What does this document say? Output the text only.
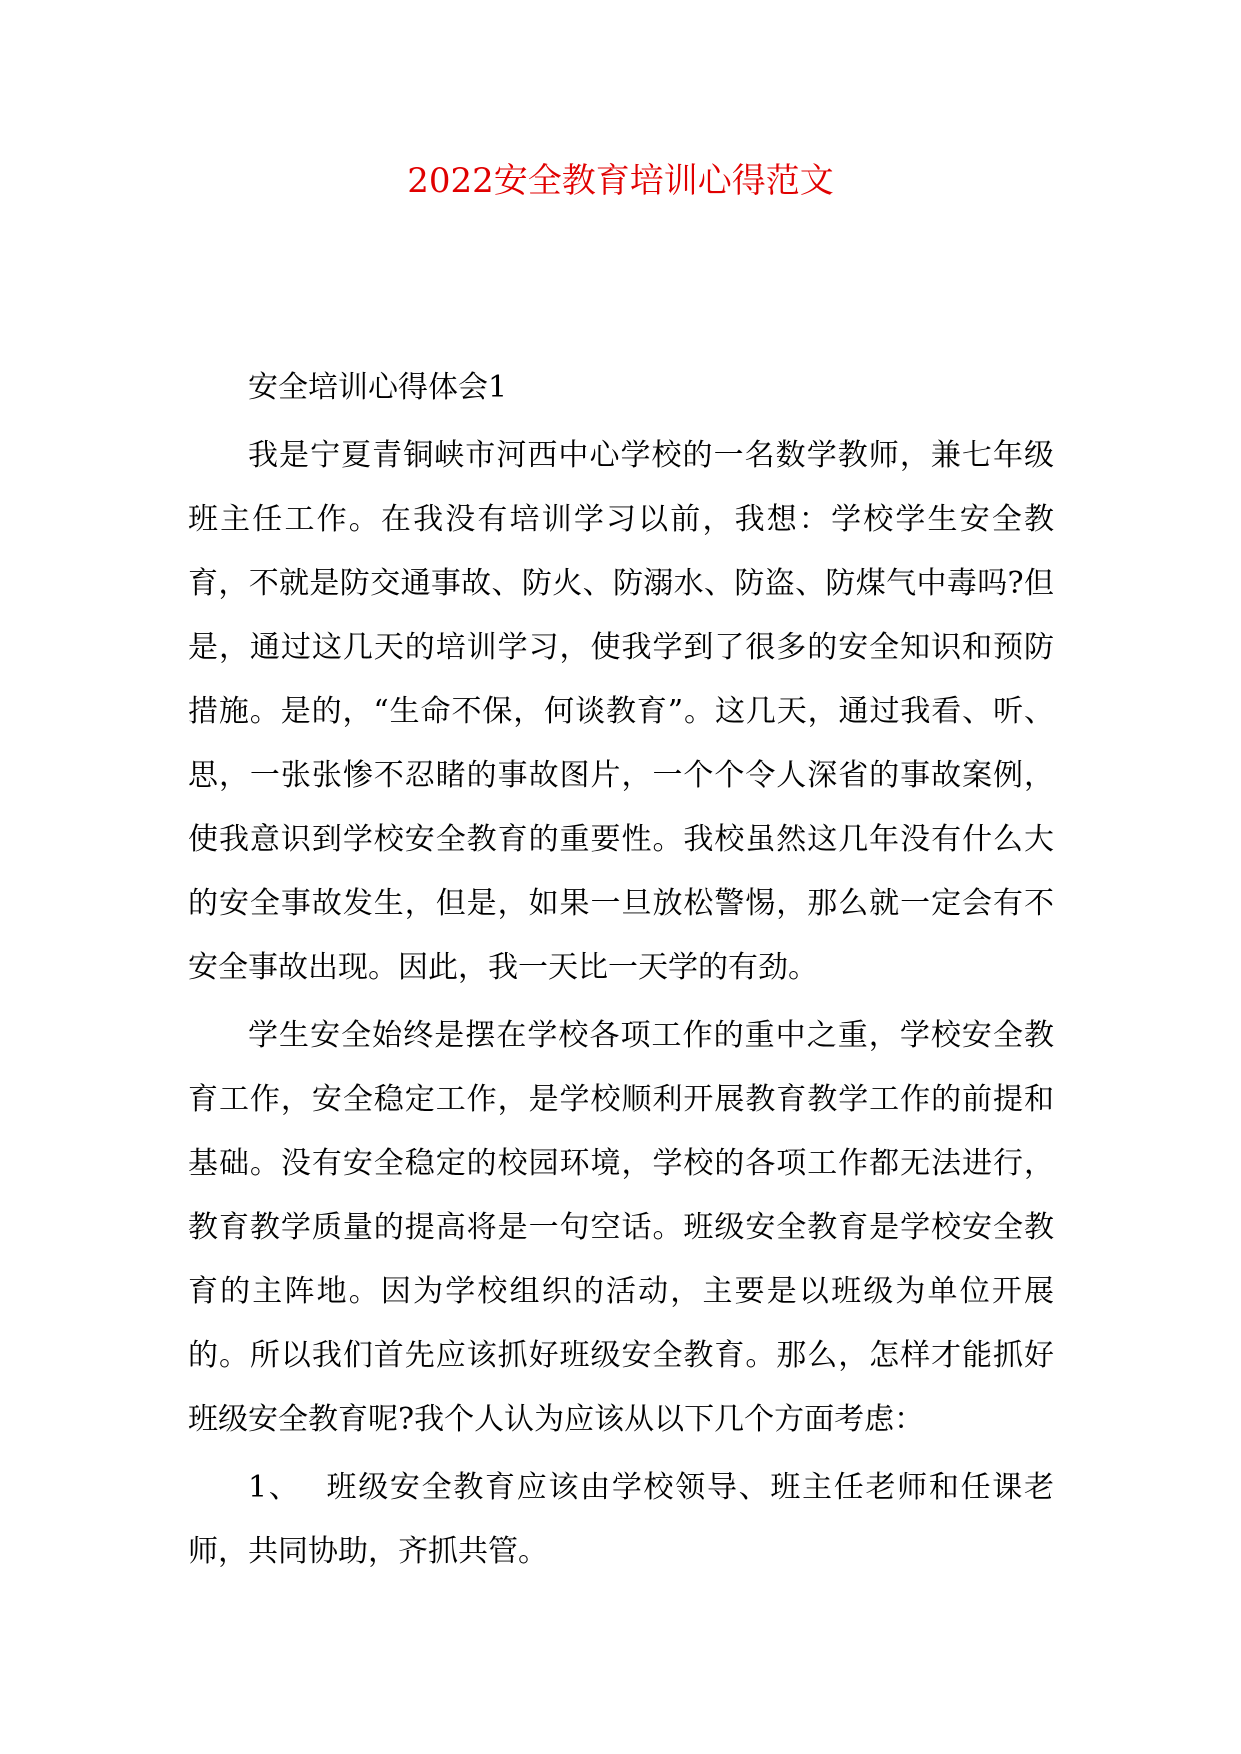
2022安全教育培训心得范文

安全培训心得体会1

我是宁夏青铜峡市河西中心学校的一名数学教师，兼七年级班主任工作。在我没有培训学习以前，我想：学校学生安全教育，不就是防交通事故、防火、防溺水、防盗、防煤气中毒吗?但是，通过这几天的培训学习，使我学到了很多的安全知识和预防措施。是的，“生命不保，何谈教育”。这几天，通过我看、听、思，一张张惨不忍睹的事故图片，一个个令人深省的事故案例，使我意识到学校安全教育的重要性。我校虽然这几年没有什么大的安全事故发生，但是，如果一旦放松警惕，那么就一定会有不安全事故出现。因此，我一天比一天学的有劲。

学生安全始终是摆在学校各项工作的重中之重，学校安全教育工作，安全稳定工作，是学校顺利开展教育教学工作的前提和基础。没有安全稳定的校园环境，学校的各项工作都无法进行，教育教学质量的提高将是一句空话。班级安全教育是学校安全教育的主阵地。因为学校组织的活动，主要是以班级为单位开展的。所以我们首先应该抓好班级安全教育。那么，怎样才能抓好班级安全教育呢?我个人认为应该从以下几个方面考虑：

1、 班级安全教育应该由学校领导、班主任老师和任课老师，共同协助，齐抓共管。
